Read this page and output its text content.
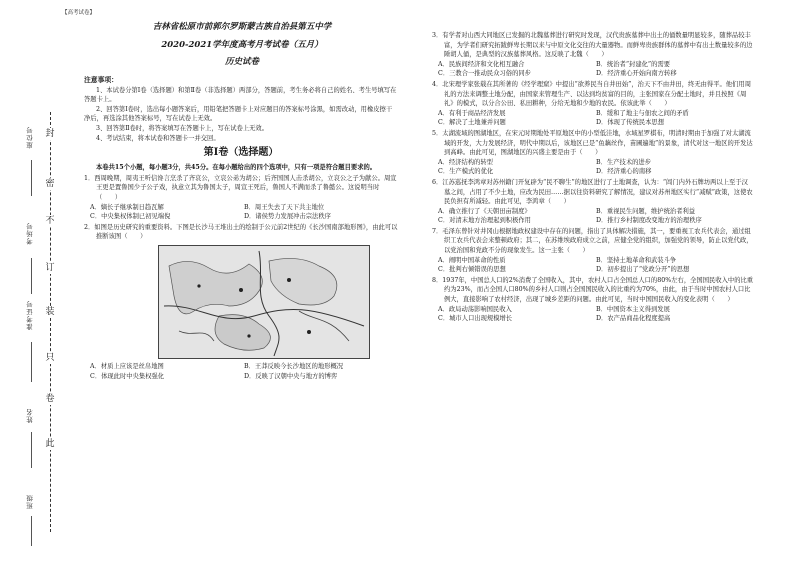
封
密
不
订
装
只
卷
此
座位号
考场号
准考证号
姓名
班级
【高考试卷】
吉林省松原市前郭尔罗斯蒙古族自治县第五中学
2020-2021学年度高考月考试卷（五月）
历史试卷

注意事项：

1、本试卷分第Ⅰ卷（选择题）和第Ⅱ卷（非选择题）两部分，答题前，考生务必将自己的姓名、考生号填写在答题卡上。

2、回答第Ⅰ卷时，选出每小题答案后，用铅笔把答题卡上对应题目的答案标号涂黑，如需改动，用橡皮擦干净后，再选涂其他答案标号，写在试卷上无效。

3、回答第Ⅱ卷时，将答案填写在答题卡上，写在试卷上无效。

4、考试结束，将本试卷和答题卡一并交回。

第Ⅰ卷（选择题）

本卷共15个小题，每小题3分，共45分。在每小题给出的四个选项中，只有一项是符合题目要求的。

1．西周晚期，周夷王听信谗言烹杀了齐哀公，立哀公弟为胡公；后齐国国人击杀胡公，立哀公之子为献公。周宣王更是置鲁国少子公子戏，执意立其为鲁国太子，周宣王死后，鲁国人不满而杀了鲁懿公。这说明当时（　　）

A．嫡长子继承制日趋瓦解	B．周王失去了天下共主地位
C．中央集权体制已初见端倪	D．诸侯势力发展冲击宗法秩序

2．如图是历史研究的重要资料。下图是长沙马王堆出土的绘制于公元前2世纪的《长沙国南部地形图》，由此可以推断该图（　　）

A．材质上应该是丝帛地图	B．王莽反映今长沙地区的地形概况
C．体现此时中央集权强化	D．反映了汉朝中央与地方的博弈

3．有学者对山西大同地区已发掘的北魏墓葬进行研究时发现，汉代贵族墓葬中出土的俑数量明显较多，随葬品较丰富，为学者们研究拓跋鲜卑长期以来与中原文化交往的大量器物。而鲜卑贵族群体的墓葬中有出土数量较多的边陲胡人俑，是典型的汉族墓葬风格。这反映了北魏（　　）

A．民族间经济和文化相互融合	B．统治者“封建化”的需要
C．三教合一推动民众习俗的同步	D．经济重心开始向南方转移

4．北宋理学家张载在其所著的《经学理窟》中提出“欲养民当自井田始”，治天下不由井田，终无由得平。他们用周礼的方法来调整土地分配，由国家来管理生产、以达到均贫富的目的，主张国家在分配土地时，并且按照《周礼》的模式，以分合公田、私田耕种，分给无地和少地的农民。依该此举（　　）

A．有利于商品经济发展	B．缓和了地主与佃农之间的矛盾
C．解决了土地兼并问题	D．体现了传统民本思想

5．太湖流域的图湖地区，在宋元时期地处平原地区中的小型低洼地，水域星罗棋布，明清时期由于加强了对太湖流域的开发，大力发展经济，明代中期以后，该地区已是“鱼藕丝作，苗圃遍地”的景象，清代对这一地区的开发达到高峰。由此可见，图湖地区的兴盛主要是由于（　　）

A．经济结构的转型	B．生产技术的进步
C．生产模式的优化	D．经济重心的南移

6．江苏巡抚李鸿章对苏州籍门开复辟为“民不聊生”的地区进行了土地调查，认为：“闾门内外石牌坊两以上至于汉墓之间，占用了不少土地，应改为民田……据以往资料研究了解情况，建议对苏州地区实行“减赋”政策，这使农民负担有所减轻。由此可见，李鸿章（　　）

A．确立推行了《天朝田亩制度》	B．重视民生问题，维护统治者利益
C．对清末地方治理起到积极作用	D．推行乡村制度改变地方的治理秩序

7．毛泽东曾针对井冈山根据地政权建设中存在的问题，指出了具体解决措施，其一，要重视工农兵代表会，通过组织工农兵代表会来整顿政府；其二，在苏维埃政府成立之前，应健全党的组织，加强党的领导，防止以党代政，以党治国和党政不分的现象发生。这一主张（　　）

A．阐明中国革命的性质	B．坚持土地革命和武装斗争
C．批判右倾错误的思想	D．初步提出了“党政分开”的思想

8．1937年，中国总人口的2%消费了全国收入，其中，农村人口占全国总人口的80%左右，全国国民收入中的比重约为23%，而占全国人口80%的乡村人口则占全国国民收入的比重约为70%，由此，由于当时中国农村人口比例大，直接影响了农村经济，出现了城乡差距的问题。由此可见，当时中国国民收入的变化表明（　　）

A．政局动荡影响国民收入	B．中国资本主义得到发展
C．城市人口出现规模增长	D．农产品商品化程度提高
